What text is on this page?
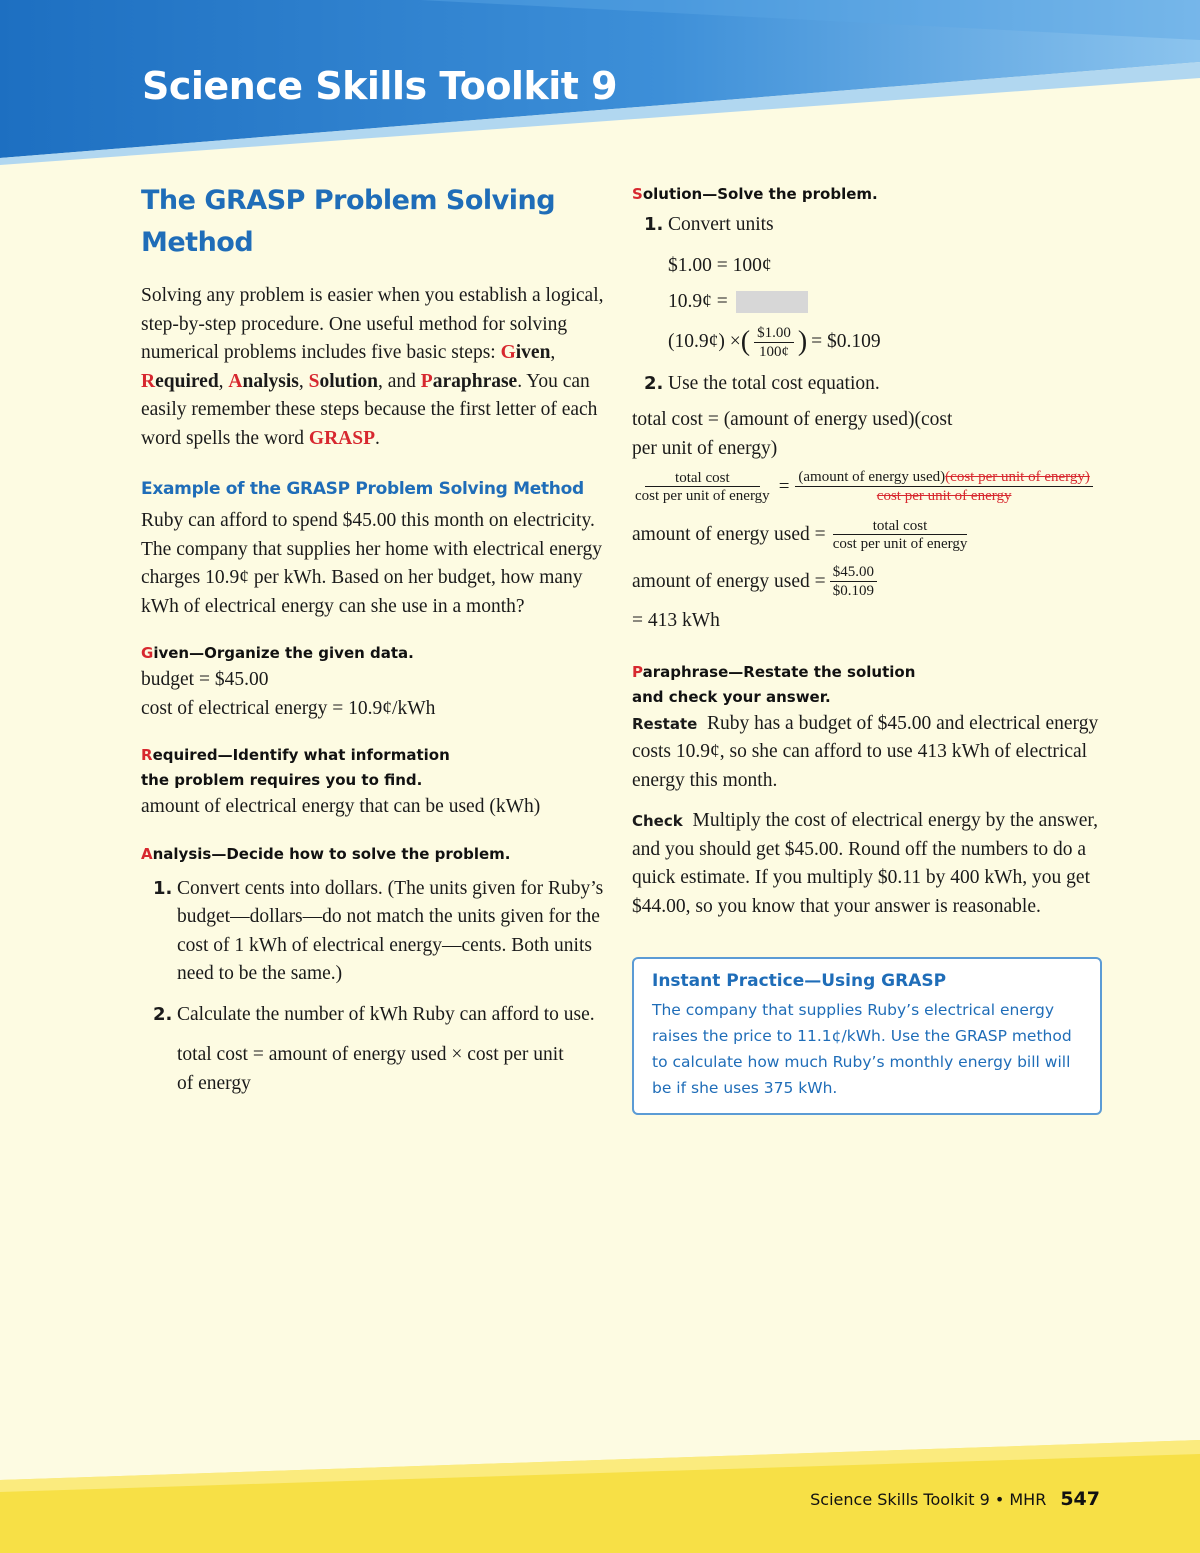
Science Skills Toolkit 9
The GRASP Problem Solving Method

Solving any problem is easier when you establish a logical, step-by-step procedure. One useful method for solving numerical problems includes five basic steps: Given, Required, Analysis, Solution, and Paraphrase. You can easily remember these steps because the first letter of each word spells the word GRASP.

Example of the GRASP Problem Solving Method

Ruby can afford to spend $45.00 this month on electricity. The company that supplies her home with electrical energy charges 10.9¢ per kWh. Based on her budget, how many kWh of electrical energy can she use in a month?

Given—Organize the given data.

budget = $45.00

cost of electrical energy = 10.9¢/kWh

Required—Identify what information
the problem requires you to find.

amount of electrical energy that can be used (kWh)

Analysis—Decide how to solve the problem.

1. Convert cents into dollars. (The units given for Ruby’s budget—dollars—do not match the units given for the cost of 1 kWh of electrical energy—cents. Both units need to be the same.)
2. Calculate the number of kWh Ruby can afford to use.

total cost = amount of energy used × cost per unit of energy

Solution—Solve the problem.

1. Convert units
$1.00 = 100¢
10.9¢ =
(10.9¢) × ( $\frac{\$1.00}{100¢}$ ) = $0.109
2. Use the total cost equation.

total cost = (amount of energy used)(cost per unit of energy)

$\frac{\text{total cost}}{\text{cost per unit of energy}} = \frac{\text{(amount of energy used)(cost per unit of energy)}}{\text{cost per unit of energy}}$
amount of energy used = $\frac{\text{total cost}}{\text{cost per unit of energy}}$
amount of energy used = $\frac{\$45.00}{\$0.109}$

= 413 kWh

Paraphrase—Restate the solution
and check your answer.

Restate Ruby has a budget of $45.00 and electrical energy costs 10.9¢, so she can afford to use 413 kWh of electrical energy this month.

Check Multiply the cost of electrical energy by the answer, and you should get $45.00. Round off the numbers to do a quick estimate. If you multiply $0.11 by 400 kWh, you get $44.00, so you know that your answer is reasonable.

Instant Practice—Using GRASP

The company that supplies Ruby’s electrical energy raises the price to 11.1¢/kWh. Use the GRASP method to calculate how much Ruby’s monthly energy bill will be if she uses 375 kWh.

Science Skills Toolkit 9 • MHR 547
